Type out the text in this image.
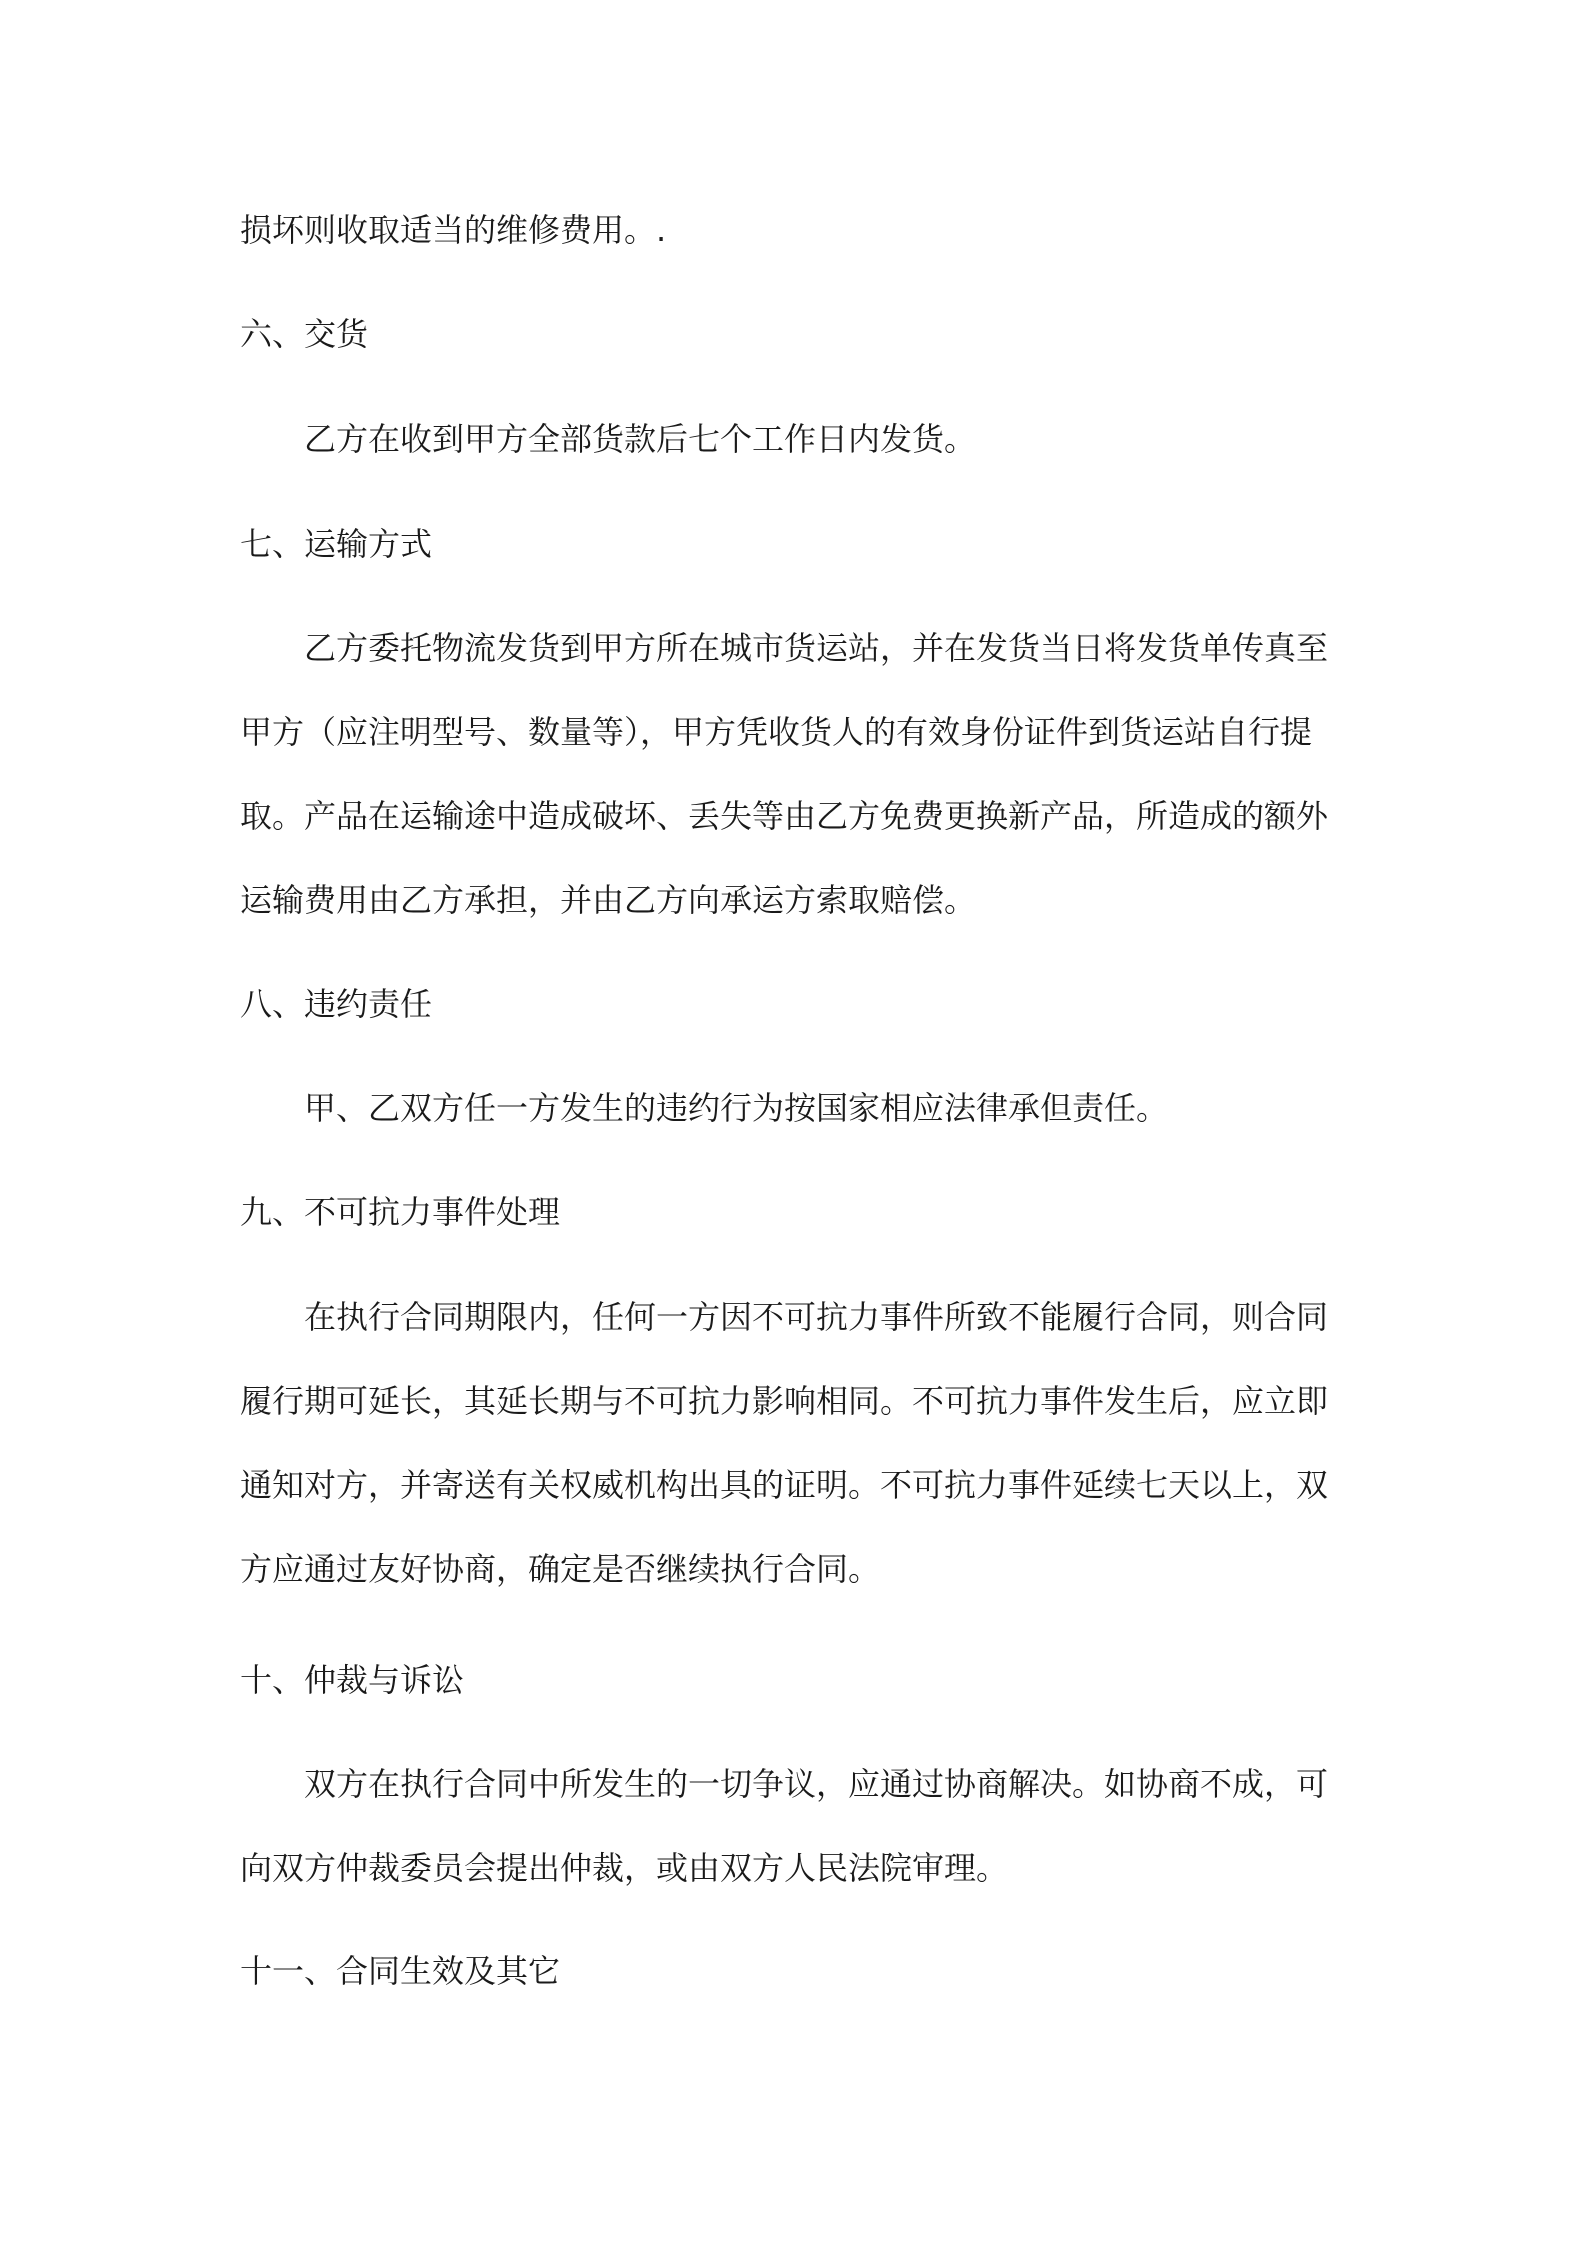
损坏则收取适当的维修费用。.

六、交货

乙方在收到甲方全部货款后七个工作日内发货。

七、运输方式

乙方委托物流发货到甲方所在城市货运站，并在发货当日将发货单传真至甲方（应注明型号、数量等），甲方凭收货人的有效身份证件到货运站自行提取。产品在运输途中造成破坏、丢失等由乙方免费更换新产品，所造成的额外运输费用由乙方承担，并由乙方向承运方索取赔偿。

八、违约责任

甲、乙双方任一方发生的违约行为按国家相应法律承但责任。

九、不可抗力事件处理

在执行合同期限内，任何一方因不可抗力事件所致不能履行合同，则合同履行期可延长，其延长期与不可抗力影响相同。不可抗力事件发生后，应立即通知对方，并寄送有关权威机构出具的证明。不可抗力事件延续七天以上，双方应通过友好协商，确定是否继续执行合同。

十、仲裁与诉讼

双方在执行合同中所发生的一切争议，应通过协商解决。如协商不成，可向双方仲裁委员会提出仲裁，或由双方人民法院审理。

十一、合同生效及其它
